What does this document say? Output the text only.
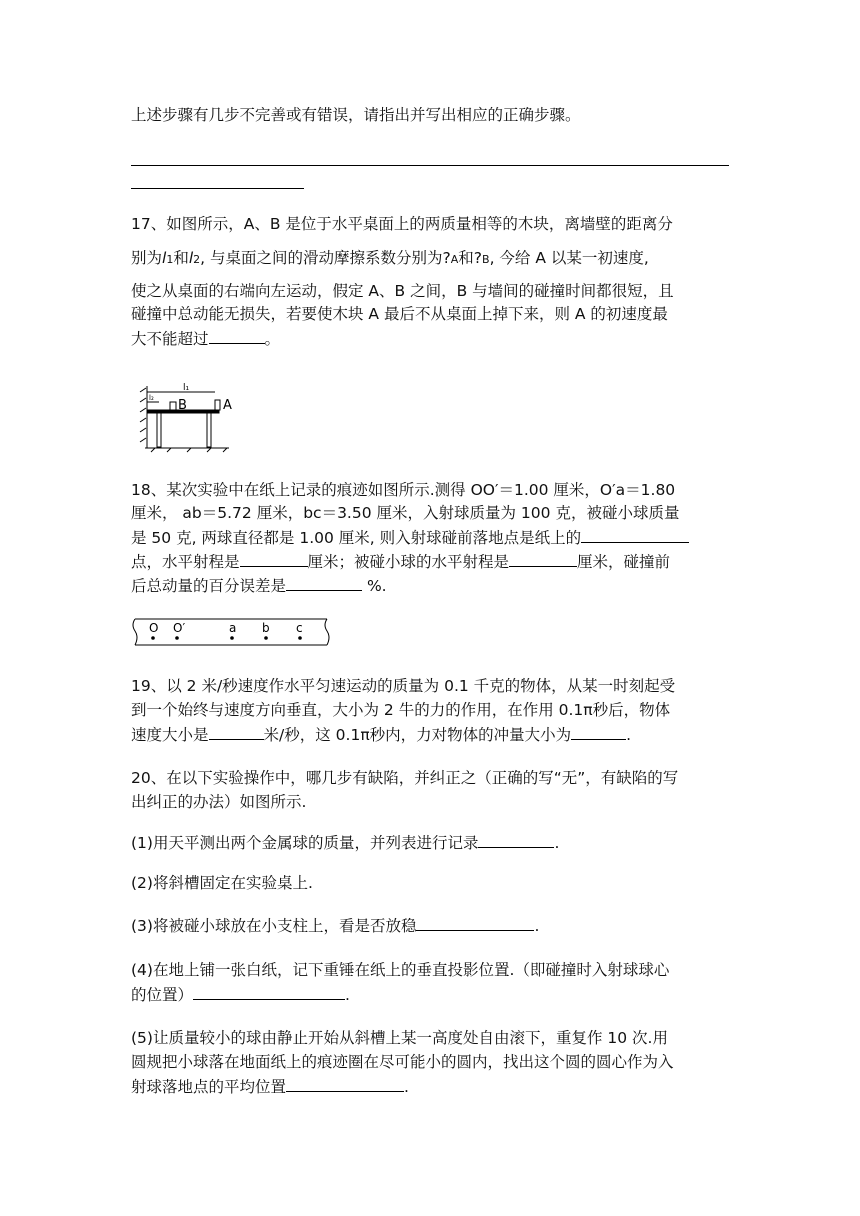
上述步骤有几步不完善或有错误，请指出并写出相应的正确步骤。
17、如图所示，A、B 是位于水平桌面上的两质量相等的木块，离墙壁的距离分
别为l1和l2, 与桌面之间的滑动摩擦系数分别为?A和?B, 今给 A 以某一初速度,
使之从桌面的右端向左运动，假定 A、B 之间，B 与墙间的碰撞时间都很短，且
碰撞中总动能无损失，若要使木块 A 最后不从桌面上掉下来，则 A 的初速度最
大不能超过	。
l₁
l₂ B	A
18、某次实验中在纸上记录的痕迹如图所示.测得 OO′＝1.00 厘米，O′a＝1.80
厘米， ab＝5.72 厘米，bc＝3.50 厘米，入射球质量为 100 克，被碰小球质量
是 50 克, 两球直径都是 1.00 厘米, 则入射球碰前落地点是纸上的
点，水平射程是	厘米；被碰小球的水平射程是	厘米，碰撞前
后总动量的百分误差是	%.
O O′	a b c
19、以 2 米/秒速度作水平匀速运动的质量为 0.1 千克的物体，从某一时刻起受
到一个始终与速度方向垂直，大小为 2 牛的力的作用，在作用 0.1π秒后，物体
速度大小是	米/秒，这 0.1π秒内，力对物体的冲量大小为	.
20、在以下实验操作中，哪几步有缺陷，并纠正之（正确的写“无”，有缺陷的写
出纠正的办法）如图所示.
(1)用天平测出两个金属球的质量，并列表进行记录	.
(2)将斜槽固定在实验桌上.
(3)将被碰小球放在小支柱上，看是否放稳	.
(4)在地上铺一张白纸，记下重锤在纸上的垂直投影位置.（即碰撞时入射球球心
的位置）	.
(5)让质量较小的球由静止开始从斜槽上某一高度处自由滚下，重复作 10 次.用
圆规把小球落在地面纸上的痕迹圈在尽可能小的圆内，找出这个圆的圆心作为入
射球落地点的平均位置	.
